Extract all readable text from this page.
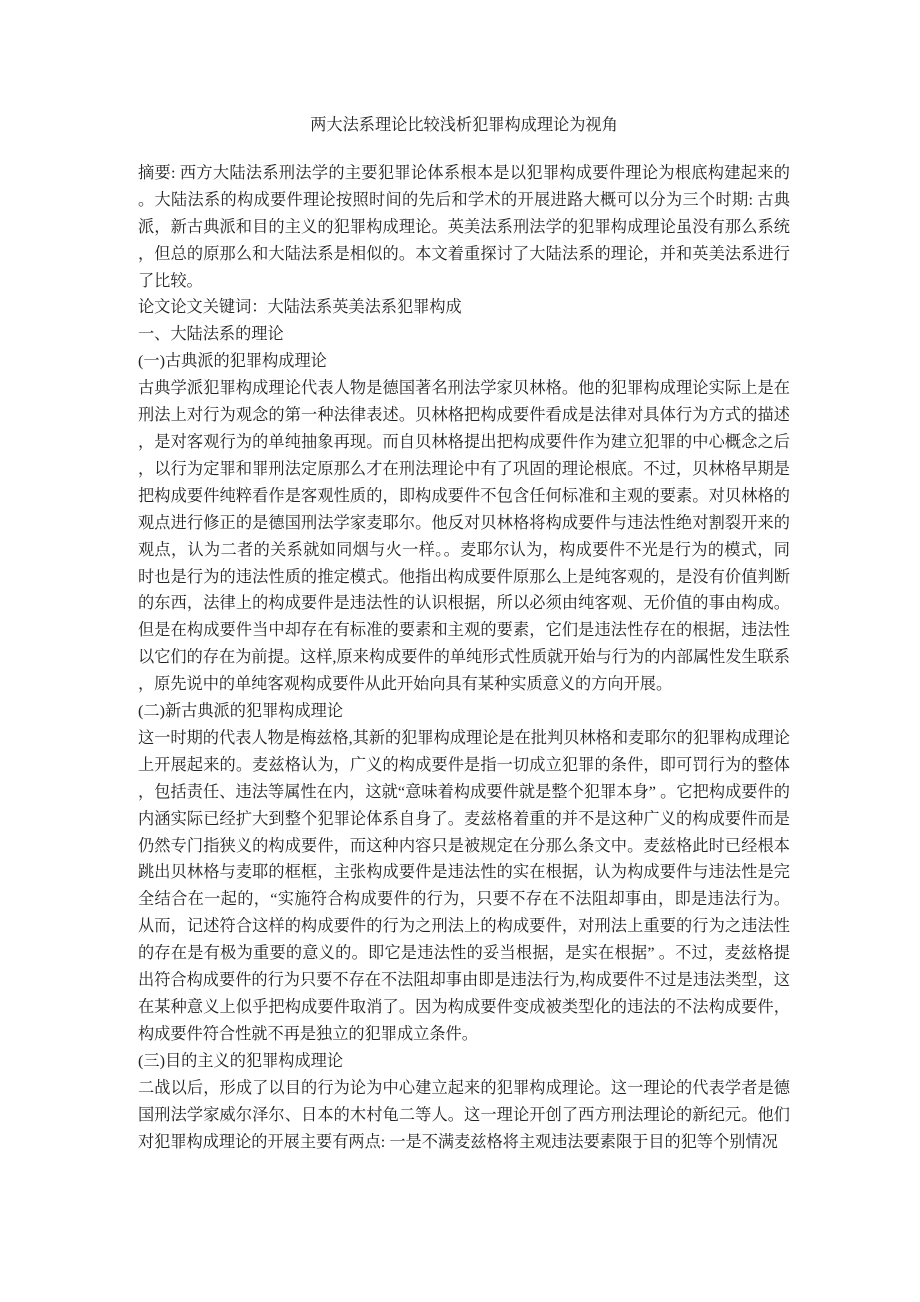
两大法系理论比较浅析犯罪构成理论为视角

摘要: 西方大陆法系刑法学的主要犯罪论体系根本是以犯罪构成要件理论为根底构建起来的。大陆法系的构成要件理论按照时间的先后和学术的开展进路大概可以分为三个时期: 古典派，新古典派和目的主义的犯罪构成理论。英美法系刑法学的犯罪构成理论虽没有那么系统，但总的原那么和大陆法系是相似的。本文着重探讨了大陆法系的理论，并和英美法系进行了比较。

论文论文关键词：大陆法系英美法系犯罪构成

一、大陆法系的理论

(一)古典派的犯罪构成理论

古典学派犯罪构成理论代表人物是德国著名刑法学家贝林格。他的犯罪构成理论实际上是在刑法上对行为观念的第一种法律表述。贝林格把构成要件看成是法律对具体行为方式的描述，是对客观行为的单纯抽象再现。而自贝林格提出把构成要件作为建立犯罪的中心概念之后，以行为定罪和罪刑法定原那么才在刑法理论中有了巩固的理论根底。不过，贝林格早期是把构成要件纯粹看作是客观性质的，即构成要件不包含任何标准和主观的要素。对贝林格的观点进行修正的是德国刑法学家麦耶尔。他反对贝林格将构成要件与违法性绝对割裂开来的观点，认为二者的关系就如同烟与火一样。。麦耶尔认为，构成要件不光是行为的模式，同时也是行为的违法性质的推定模式。他指出构成要件原那么上是纯客观的，是没有价值判断的东西，法律上的构成要件是违法性的认识根据，所以必须由纯客观、无价值的事由构成。但是在构成要件当中却存在有标准的要素和主观的要素，它们是违法性存在的根据，违法性以它们的存在为前提。这样,原来构成要件的单纯形式性质就开始与行为的内部属性发生联系，原先说中的单纯客观构成要件从此开始向具有某种实质意义的方向开展。

(二)新古典派的犯罪构成理论

这一时期的代表人物是梅兹格,其新的犯罪构成理论是在批判贝林格和麦耶尔的犯罪构成理论上开展起来的。麦兹格认为，广义的构成要件是指一切成立犯罪的条件，即可罚行为的整体，包括责任、违法等属性在内，这就“意味着构成要件就是整个犯罪本身” 。它把构成要件的内涵实际已经扩大到整个犯罪论体系自身了。麦兹格着重的并不是这种广义的构成要件而是仍然专门指狭义的构成要件，而这种内容只是被规定在分那么条文中。麦兹格此时已经根本跳出贝林格与麦耶的框框，主张构成要件是违法性的实在根据，认为构成要件与违法性是完全结合在一起的，“实施符合构成要件的行为，只要不存在不法阻却事由，即是违法行为。从而，记述符合这样的构成要件的行为之刑法上的构成要件，对刑法上重要的行为之违法性的存在是有极为重要的意义的。即它是违法性的妥当根据，是实在根据” 。不过，麦兹格提出符合构成要件的行为只要不存在不法阻却事由即是违法行为,构成要件不过是违法类型，这在某种意义上似乎把构成要件取消了。因为构成要件变成被类型化的违法的不法构成要件，构成要件符合性就不再是独立的犯罪成立条件。

(三)目的主义的犯罪构成理论

二战以后，形成了以目的行为论为中心建立起来的犯罪构成理论。这一理论的代表学者是德国刑法学家威尔泽尔、日本的木村龟二等人。这一理论开创了西方刑法理论的新纪元。他们对犯罪构成理论的开展主要有两点: 一是不满麦兹格将主观违法要素限于目的犯等个别情况
